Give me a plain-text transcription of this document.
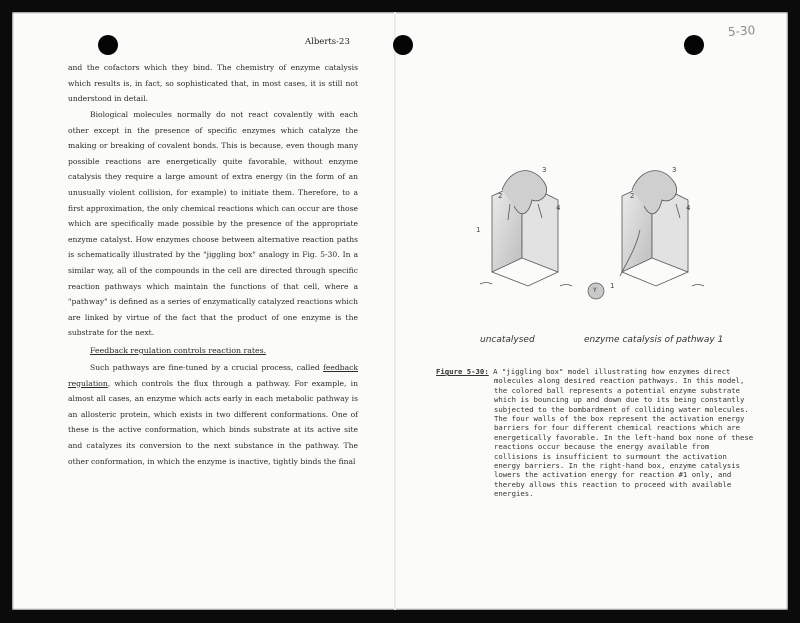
Alberts-23
5-30

and the cofactors which they bind. The chemistry of enzyme catalysis which results is, in fact, so sophisticated that, in most cases, it is still not understood in detail.

Biological molecules normally do not react covalently with each other except in the presence of specific enzymes which catalyze the making or breaking of covalent bonds. This is because, even though many possible reactions are energetically quite favorable, without enzyme catalysis they require a large amount of extra energy (in the form of an unusually violent collision, for example) to initiate them. Therefore, to a first approximation, the only chemical reactions which can occur are those which are specifically made possible by the presence of the appropriate enzyme catalyst. How enzymes choose between alternative reaction paths is schematically illustrated by the "jiggling box" analogy in Fig. 5-30. In a similar way, all of the compounds in the cell are directed through specific reaction pathways which maintain the functions of that cell, where a "pathway" is defined as a series of enzymatically catalyzed reactions which are linked by virtue of the fact that the product of one enzyme is the substrate for the next.

Feedback regulation controls reaction rates.

Such pathways are fine-tuned by a crucial process, called feedback regulation, which controls the flux through a pathway. For example, in almost all cases, an enzyme which acts early in each metabolic pathway is an allosteric protein, which exists in two different conformations. One of these is the active conformation, which binds substrate at its active site and catalyzes its conversion to the next substance in the pathway. The other conformation, in which the enzyme is inactive, tightly binds the final

Y
1
2
3
4
1
2
3
4
uncatalysed	enzyme catalysis of pathway 1

Figure 5-30: A "jiggling box" model illustrating how enzymes direct molecules along desired reaction pathways. In this model, the colored ball represents a potential enzyme substrate which is bouncing up and down due to its being constantly subjected to the bombardment of colliding water molecules. The four walls of the box represent the activation energy barriers for four different chemical reactions which are energetically favorable. In the left-hand box none of these reactions occur because the energy available from collisions is insufficient to surmount the activation energy barriers. In the right-hand box, enzyme catalysis lowers the activation energy for reaction #1 only, and thereby allows this reaction to proceed with available energies.
